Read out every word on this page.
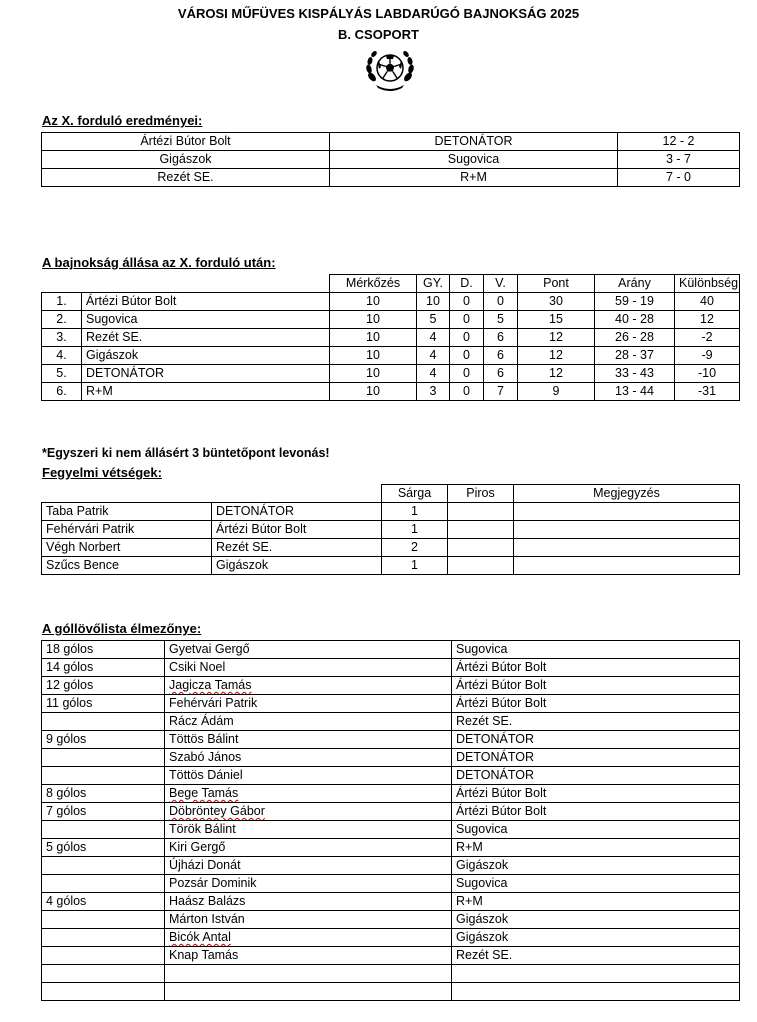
VÁROSI MŰFÜVES KISPÁLYÁS LABDARÚGÓ BAJNOKSÁG 2025
B. CSOPORT
Az X. forduló eredményei:
Ártézi Bútor Bolt	DETONÁTOR	12 - 2
Gigászok	Sugovica	3 - 7
Rezét SE.	R+M	7 - 0
A bajnokság állása az X. forduló után:
		Mérkőzés	GY.	D.	V.	Pont	Arány	Különbség
1.	Ártézi Bútor Bolt	10	10	0	0	30	59 - 19	40
2.	Sugovica	10	5	0	5	15	40 - 28	12
3.	Rezét SE.	10	4	0	6	12	26 - 28	-2
4.	Gigászok	10	4	0	6	12	28 - 37	-9
5.	DETONÁTOR	10	4	0	6	12	33 - 43	-10
6.	R+M	10	3	0	7	9	13 - 44	-31
*Egyszeri ki nem állásért 3 büntetőpont levonás!
Fegyelmi vétségek:
		Sárga	Piros	Megjegyzés
Taba Patrik	DETONÁTOR	1		
Fehérvári Patrik	Ártézi Bútor Bolt	1		
Végh Norbert	Rezét SE.	2		
Szűcs Bence	Gigászok	1		
A góllövőlista élmezőnye:
18 gólos	Gyetvai Gergő	Sugovica
14 gólos	Csiki Noel	Ártézi Bútor Bolt
12 gólos	Jagicza Tamás	Ártézi Bútor Bolt
11 gólos	Fehérvári Patrik	Ártézi Bútor Bolt
	Rácz Ádám	Rezét SE.
9 gólos	Töttös Bálint	DETONÁTOR
	Szabó János	DETONÁTOR
	Töttös Dániel	DETONÁTOR
8 gólos	Bege Tamás	Ártézi Bútor Bolt
7 gólos	Döbröntey Gábor	Ártézi Bútor Bolt
	Török Bálint	Sugovica
5 gólos	Kiri Gergő	R+M
	Újházi Donát	Gigászok
	Pozsár Dominik	Sugovica
4 gólos	Haász Balázs	R+M
	Márton István	Gigászok
	Bicók Antal	Gigászok
	Knap Tamás	Rezét SE.
